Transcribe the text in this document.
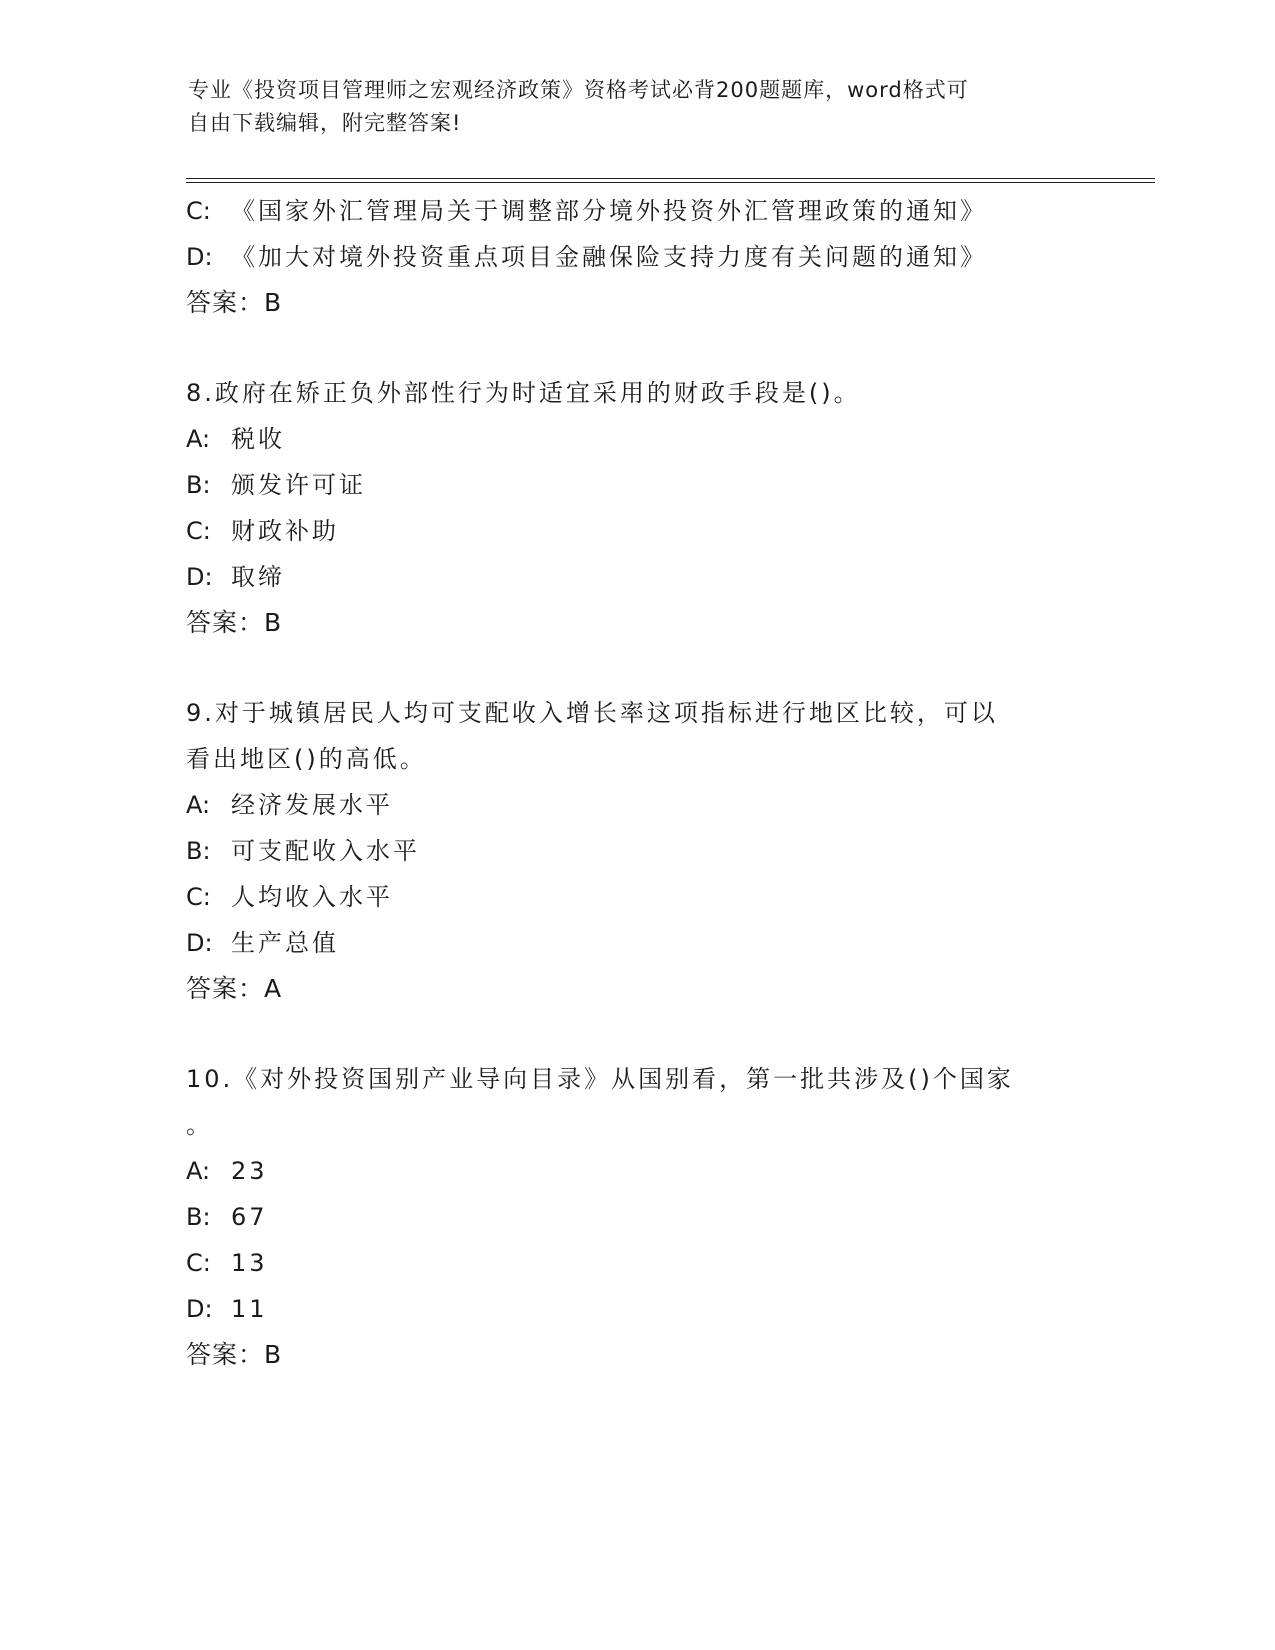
专业《投资项目管理师之宏观经济政策》资格考试必背200题题库，word格式可
自由下载编辑，附完整答案!
C: 《国家外汇管理局关于调整部分境外投资外汇管理政策的通知》
D: 《加大对境外投资重点项目金融保险支持力度有关问题的通知》
答案：B
8.政府在矫正负外部性行为时适宜采用的财政手段是()。
A: 税收
B: 颁发许可证
C: 财政补助
D: 取缔
答案：B
9.对于城镇居民人均可支配收入增长率这项指标进行地区比较，可以
看出地区()的高低。
A: 经济发展水平
B: 可支配收入水平
C: 人均收入水平
D: 生产总值
答案：A
10.《对外投资国别产业导向目录》从国别看，第一批共涉及()个国家
。
A: 23
B: 67
C: 13
D: 11
答案：B
